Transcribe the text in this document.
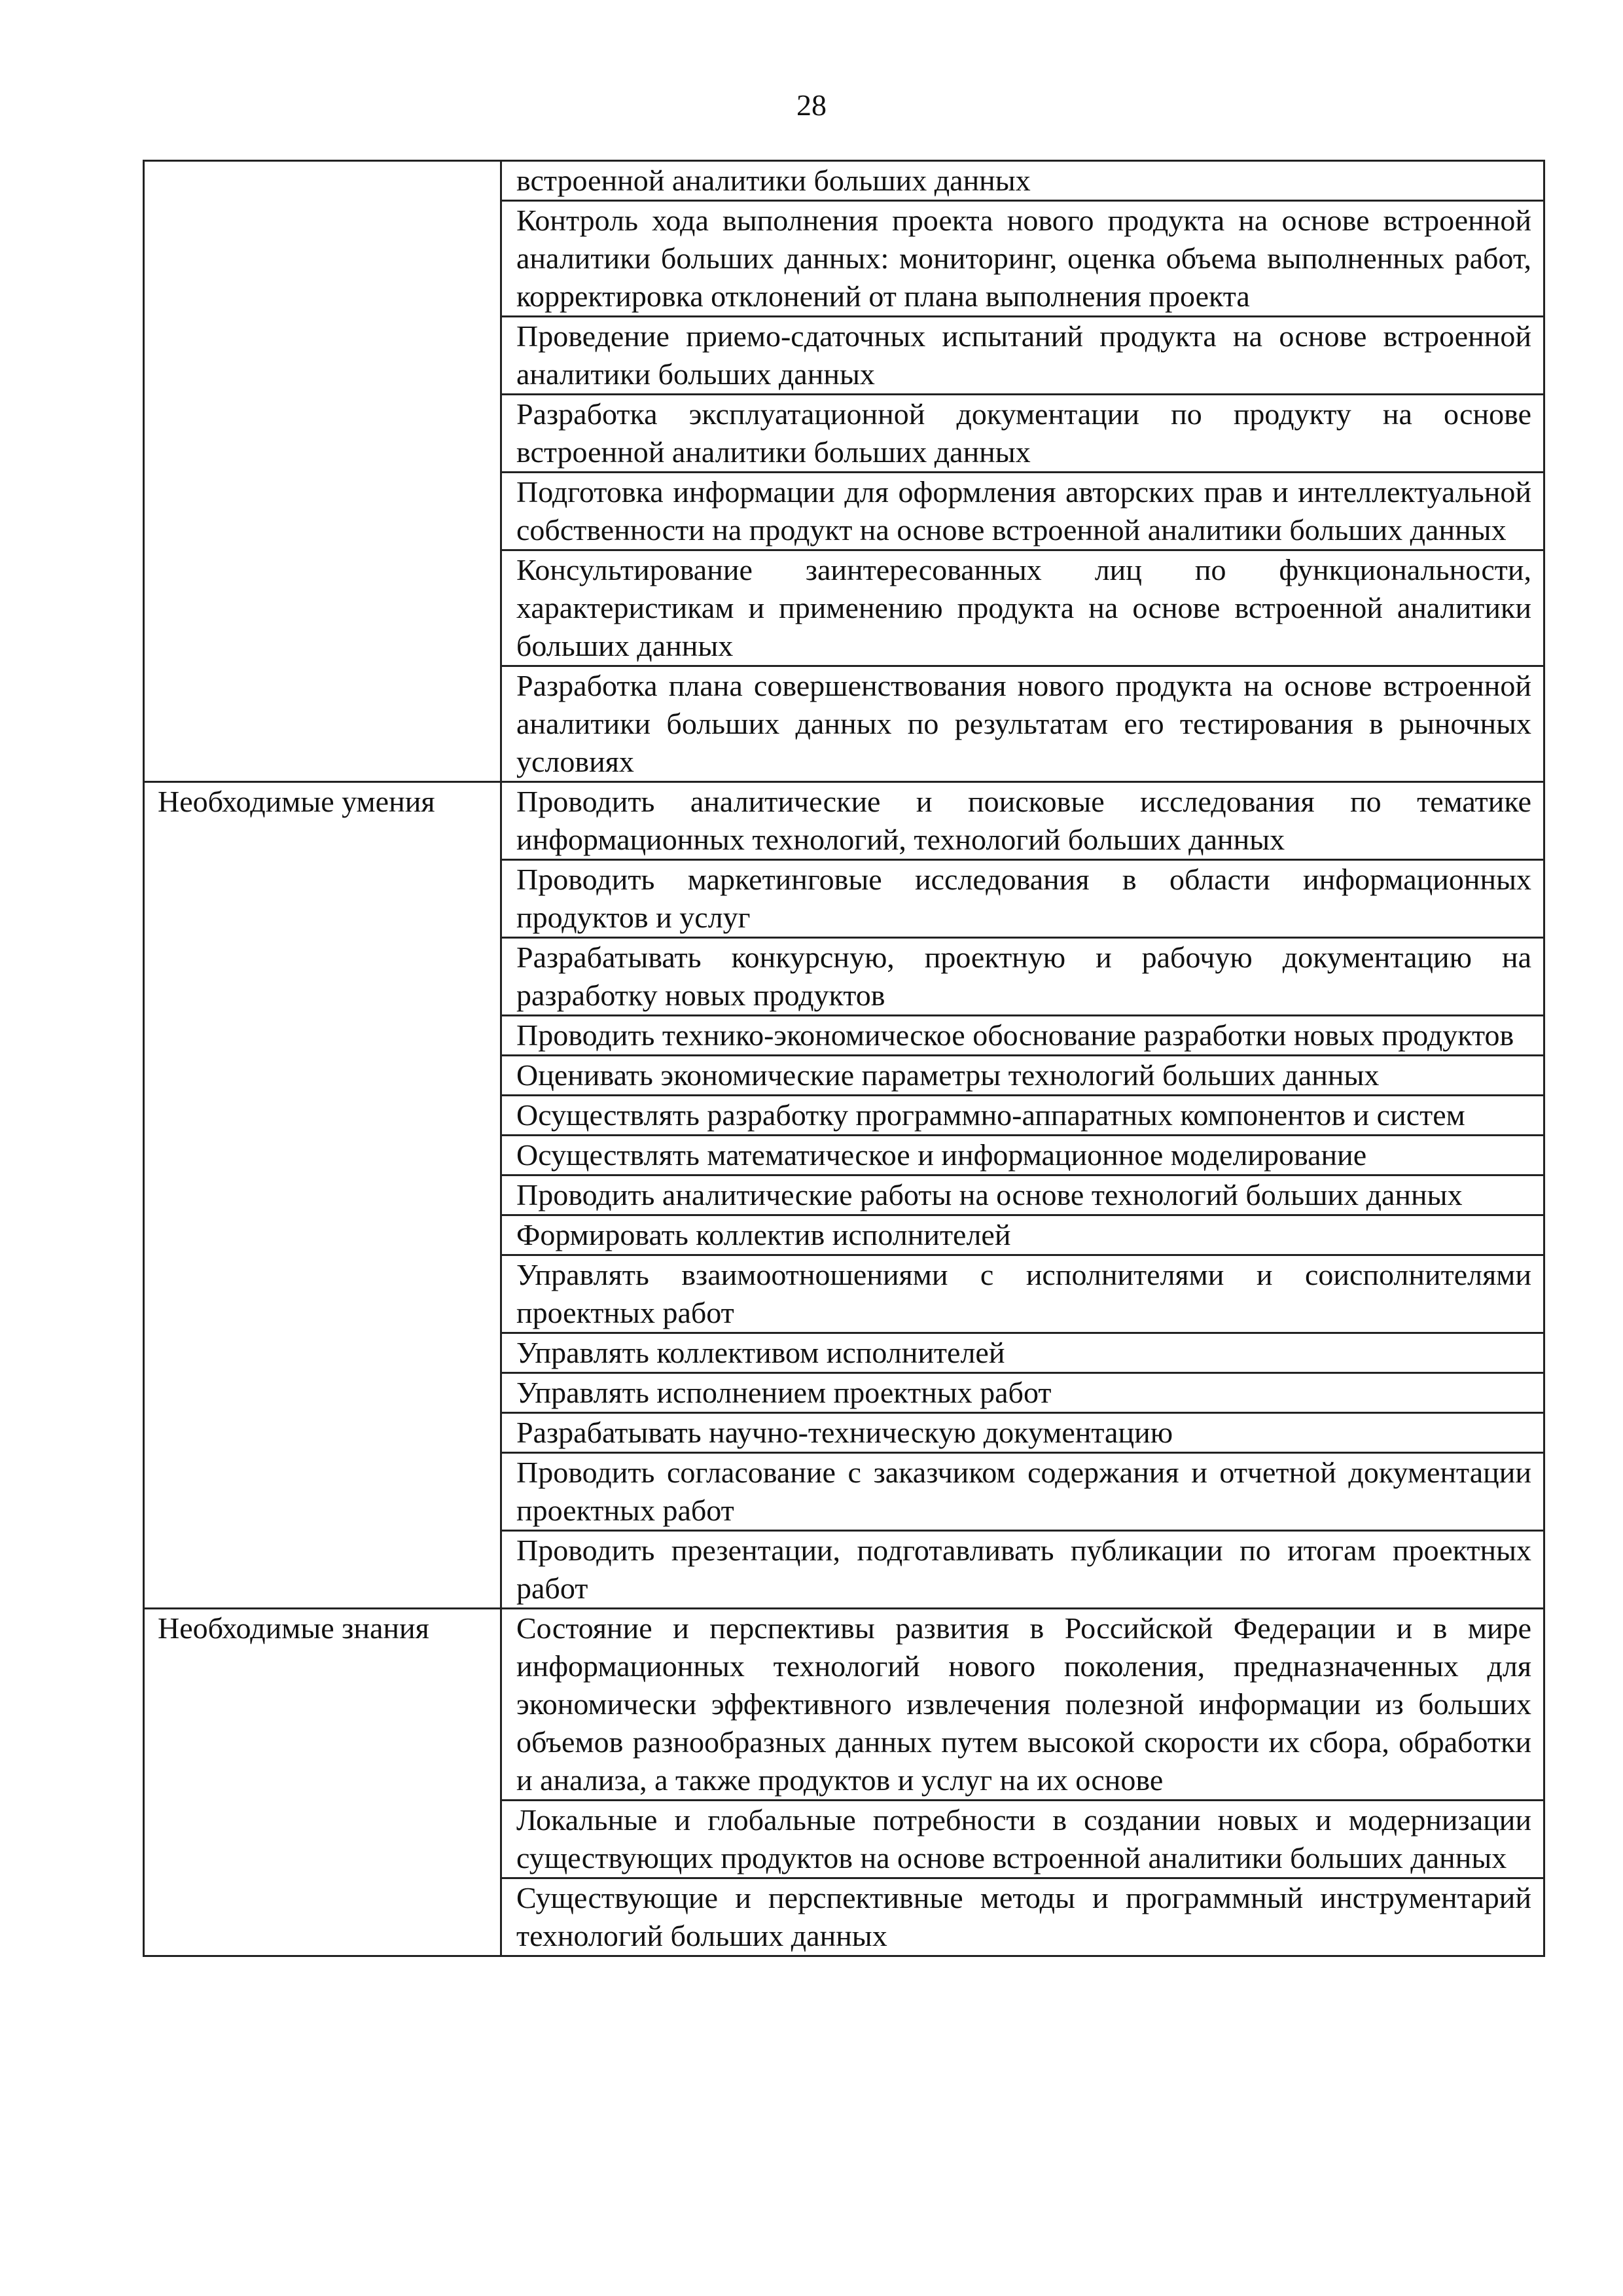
28
	встроенной аналитики больших данных
	Контроль хода выполнения проекта нового продукта на основе встроенной аналитики больших данных: мониторинг, оценка объема выполненных работ, корректировка отклонений от плана выполнения проекта
	Проведение приемо-сдаточных испытаний продукта на основе встроенной аналитики больших данных
	Разработка эксплуатационной документации по продукту на основе встроенной аналитики больших данных
	Подготовка информации для оформления авторских прав и интеллектуальной собственности на продукт на основе встроенной аналитики больших данных
	Консультирование заинтересованных лиц по функциональности, характеристикам и применению продукта на основе встроенной аналитики больших данных
	Разработка плана совершенствования нового продукта на основе встроенной аналитики больших данных по результатам его тестирования в рыночных условиях
Необходимые умения	Проводить аналитические и поисковые исследования по тематике информационных технологий, технологий больших данных
	Проводить маркетинговые исследования в области информационных продуктов и услуг
	Разрабатывать конкурсную, проектную и рабочую документацию на разработку новых продуктов
	Проводить технико-экономическое обоснование разработки новых продуктов
	Оценивать экономические параметры технологий больших данных
	Осуществлять разработку программно-аппаратных компонентов и систем
	Осуществлять математическое и информационное моделирование
	Проводить аналитические работы на основе технологий больших данных
	Формировать коллектив исполнителей
	Управлять взаимоотношениями с исполнителями и соисполнителями проектных работ
	Управлять коллективом исполнителей
	Управлять исполнением проектных работ
	Разрабатывать научно-техническую документацию
	Проводить согласование с заказчиком содержания и отчетной документации проектных работ
	Проводить презентации, подготавливать публикации по итогам проектных работ
Необходимые знания	Состояние и перспективы развития в Российской Федерации и в мире информационных технологий нового поколения, предназначенных для экономически эффективного извлечения полезной информации из больших объемов разнообразных данных путем высокой скорости их сбора, обработки и анализа, а также продуктов и услуг на их основе
	Локальные и глобальные потребности в создании новых и модернизации существующих продуктов на основе встроенной аналитики больших данных
	Существующие и перспективные методы и программный инструментарий технологий больших данных
